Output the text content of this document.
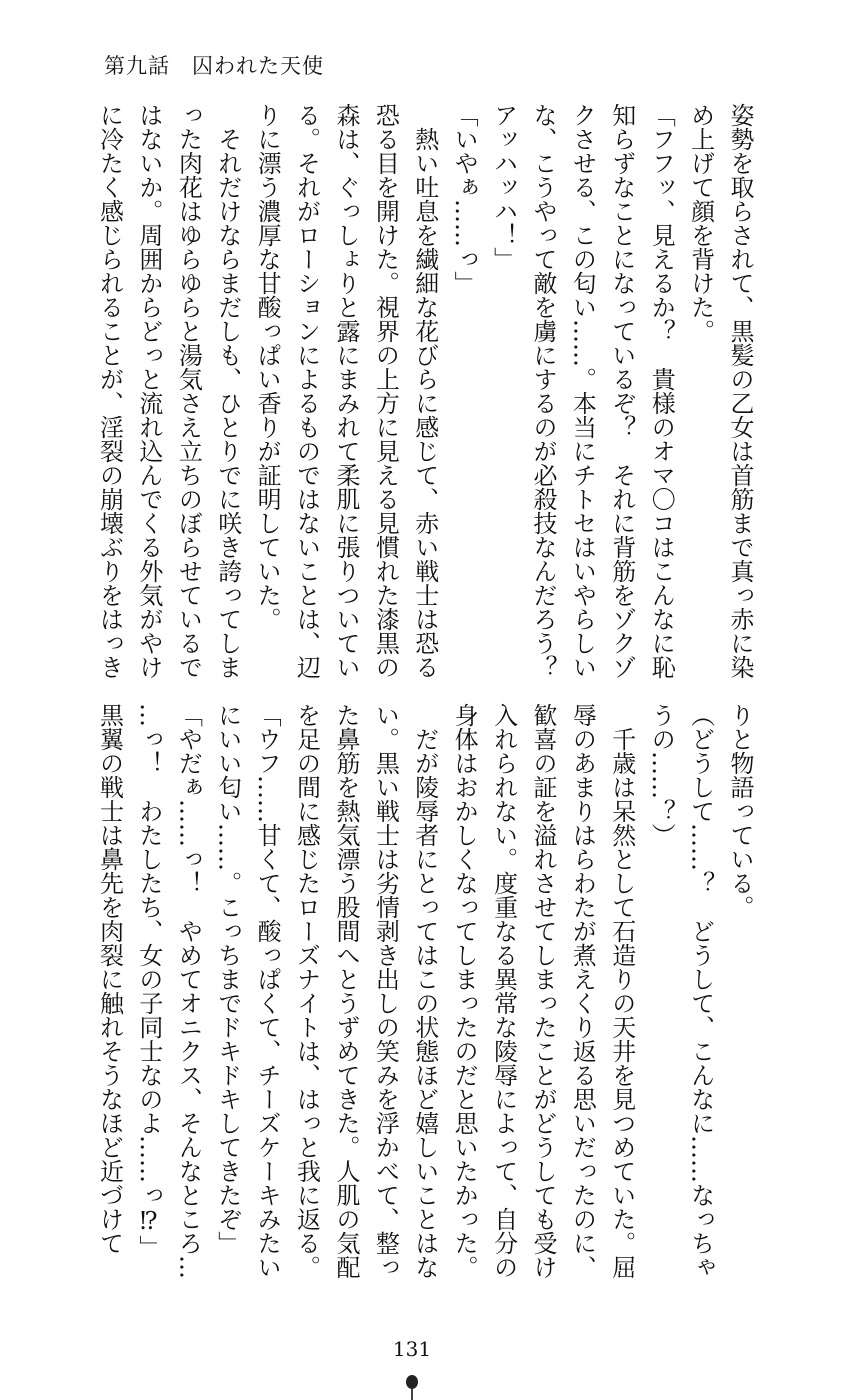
第九話　囚われた天使
姿勢を取らされて、黒髪の乙女は首筋まで真っ赤に染
め上げて顔を背けた。
「フフッ、見えるか？　貴様のオマ〇コはこんなに恥
知らずなことになっているぞ？　それに背筋をゾクゾ
クさせる、この匂い……。本当にチトセはいやらしい
な、こうやって敵を虜にするのが必殺技なんだろう？
アッハッハ！」
「いやぁ……っ」
　熱い吐息を繊細な花びらに感じて、赤い戦士は恐る
恐る目を開けた。視界の上方に見える見慣れた漆黒の
森は、ぐっしょりと露にまみれて柔肌に張りついてい
る。それがローションによるものではないことは、辺
りに漂う濃厚な甘酸っぱい香りが証明していた。
　それだけならまだしも、ひとりでに咲き誇ってしま
った肉花はゆらゆらと湯気さえ立ちのぼらせているで
はないか。周囲からどっと流れ込んでくる外気がやけ
に冷たく感じられることが、淫裂の崩壊ぶりをはっき
りと物語っている。
（どうして……？　どうして、こんなに……なっちゃ
うの……？）
　千歳は呆然として石造りの天井を見つめていた。屈
辱のあまりはらわたが煮えくり返る思いだったのに、
歓喜の証を溢れさせてしまったことがどうしても受け
入れられない。度重なる異常な陵辱によって、自分の
身体はおかしくなってしまったのだと思いたかった。
　だが陵辱者にとってはこの状態ほど嬉しいことはな
い。黒い戦士は劣情剥き出しの笑みを浮かべて、整っ
た鼻筋を熱気漂う股間へとうずめてきた。人肌の気配
を足の間に感じたローズナイトは、はっと我に返る。
「ウフ……甘くて、酸っぱくて、チーズケーキみたい
にいい匂い……。こっちまでドキドキしてきたぞ」
「やだぁ……っ！　やめてオニクス、そんなところ…
…っ！　わたしたち、女の子同士なのよ……っ⁉」
黒翼の戦士は鼻先を肉裂に触れそうなほど近づけて
131
